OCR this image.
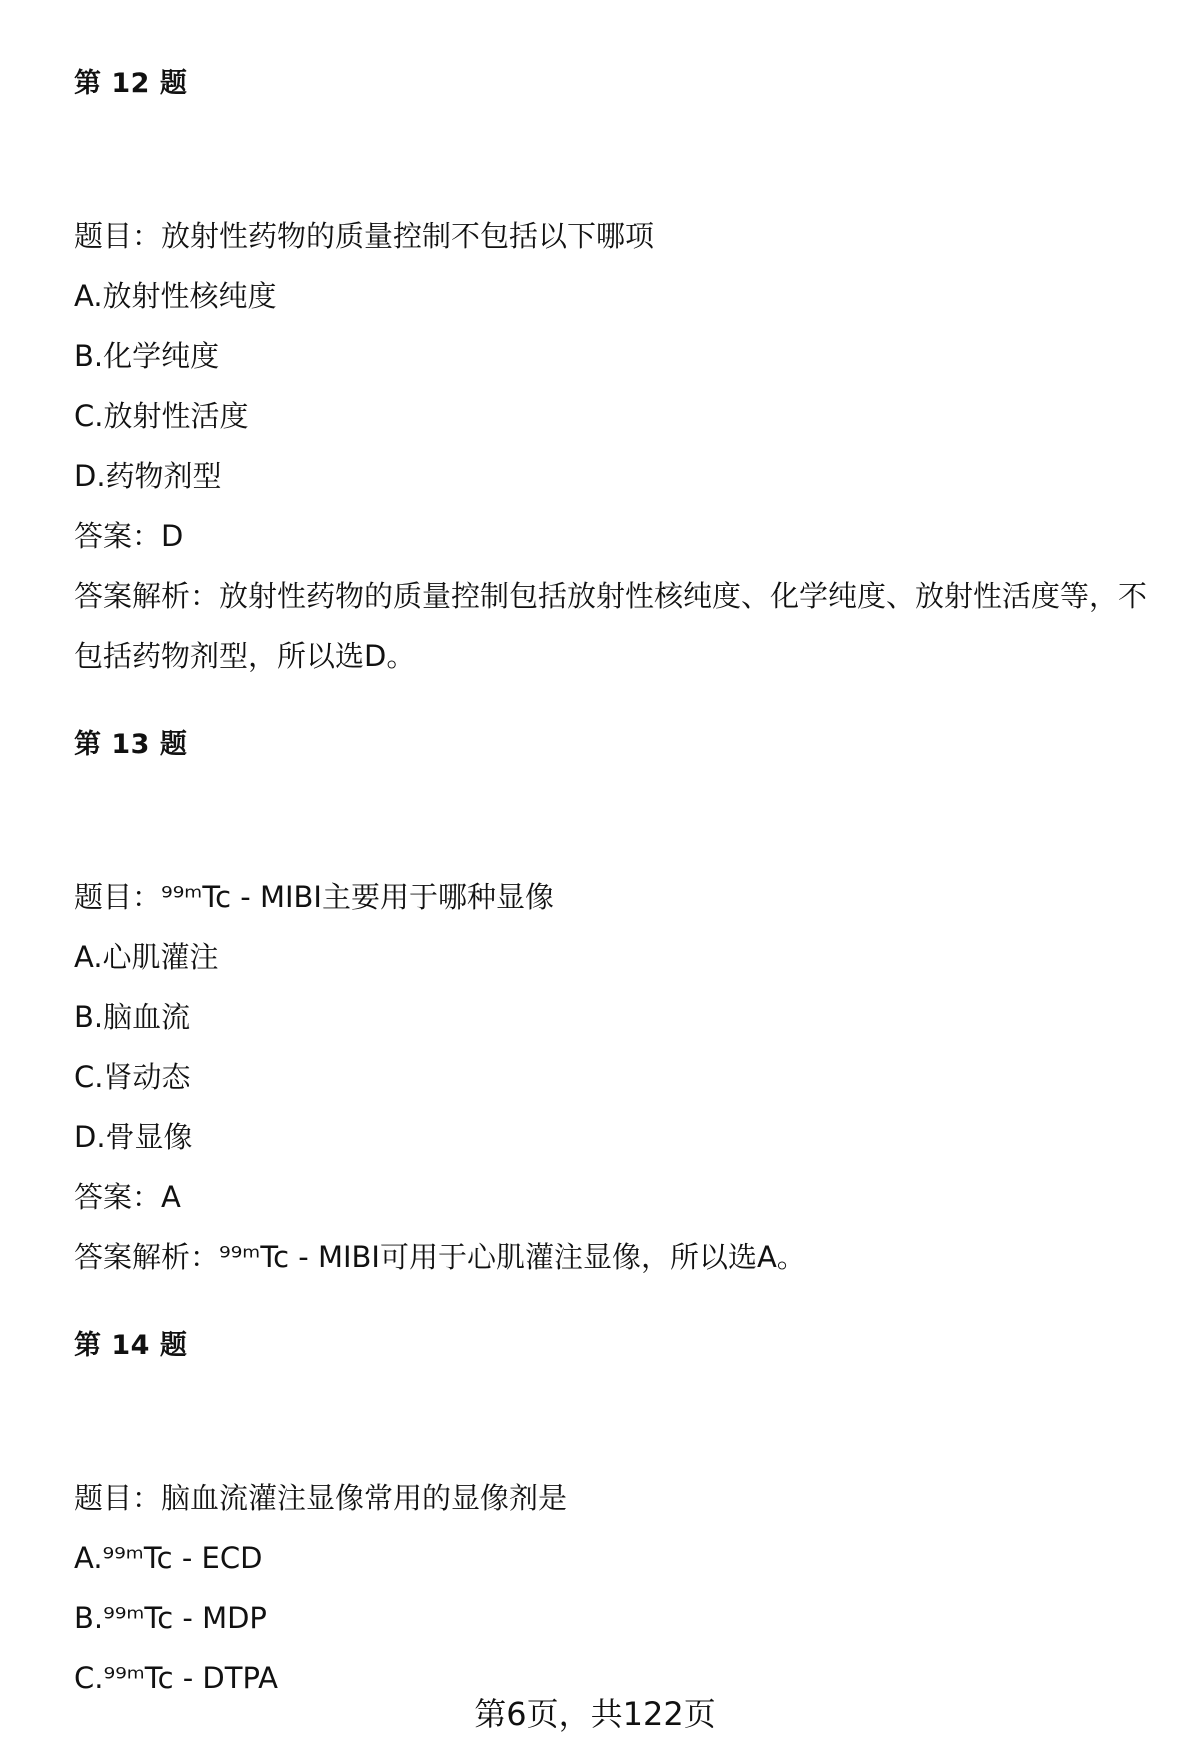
第 12 题
题目：放射性药物的质量控制不包括以下哪项
A.放射性核纯度
B.化学纯度
C.放射性活度
D.药物剂型
答案：D
答案解析：放射性药物的质量控制包括放射性核纯度、化学纯度、放射性活度等，不包括药物剂型，所以选D。
第 13 题
题目：⁹⁹ᵐTc - MIBI主要用于哪种显像
A.心肌灌注
B.脑血流
C.肾动态
D.骨显像
答案：A
答案解析：⁹⁹ᵐTc - MIBI可用于心肌灌注显像，所以选A。
第 14 题
题目：脑血流灌注显像常用的显像剂是
A.⁹⁹ᵐTc - ECD
B.⁹⁹ᵐTc - MDP
C.⁹⁹ᵐTc - DTPA
第6页，共122页
